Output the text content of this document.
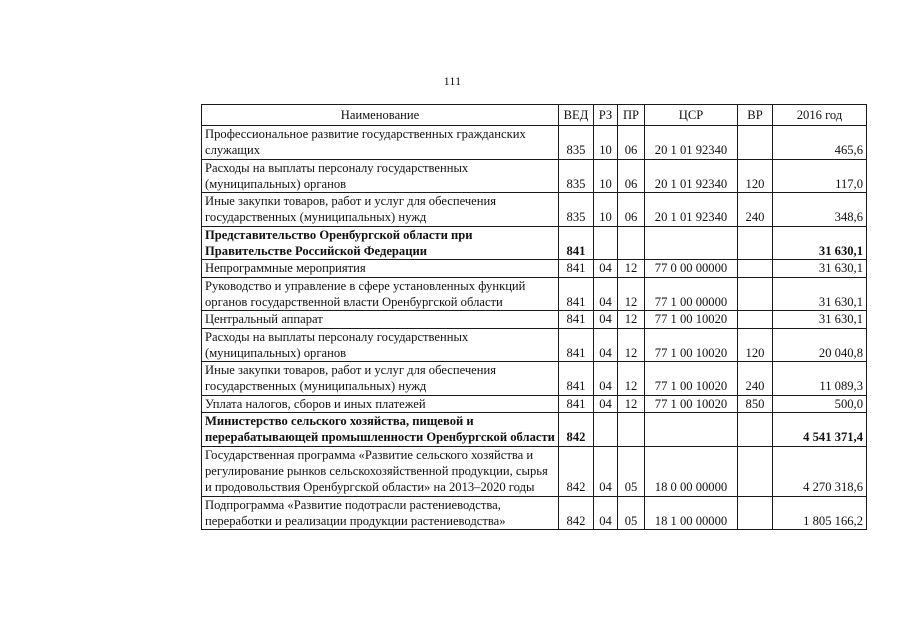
111
Наименование	ВЕД	РЗ	ПР	ЦСР	ВР	2016 год
Профессиональное развитие государственных гражданских служащих	835	10	06	20 1 01 92340		465,6
Расходы на выплаты персоналу государственных (муниципальных) органов	835	10	06	20 1 01 92340	120	117,0
Иные закупки товаров, работ и услуг для обеспечения государственных (муниципальных) нужд	835	10	06	20 1 01 92340	240	348,6
Представительство Оренбургской области при Правительстве Российской Федерации	841					31 630,1
Непрограммные мероприятия	841	04	12	77 0 00 00000		31 630,1
Руководство и управление в сфере установленных функций органов государственной власти Оренбургской области	841	04	12	77 1 00 00000		31 630,1
Центральный аппарат	841	04	12	77 1 00 10020		31 630,1
Расходы на выплаты персоналу государственных (муниципальных) органов	841	04	12	77 1 00 10020	120	20 040,8
Иные закупки товаров, работ и услуг для обеспечения государственных (муниципальных) нужд	841	04	12	77 1 00 10020	240	11 089,3
Уплата налогов, сборов и иных платежей	841	04	12	77 1 00 10020	850	500,0
Министерство сельского хозяйства, пищевой и перерабатывающей промышленности Оренбургской области	842					4 541 371,4
Государственная программа «Развитие сельского хозяйства и регулирование рынков сельскохозяйственной продукции, сырья и продовольствия Оренбургской области» на 2013–2020 годы	842	04	05	18 0 00 00000		4 270 318,6
Подпрограмма «Развитие подотрасли растениеводства, переработки и реализации продукции растениеводства»	842	04	05	18 1 00 00000		1 805 166,2
